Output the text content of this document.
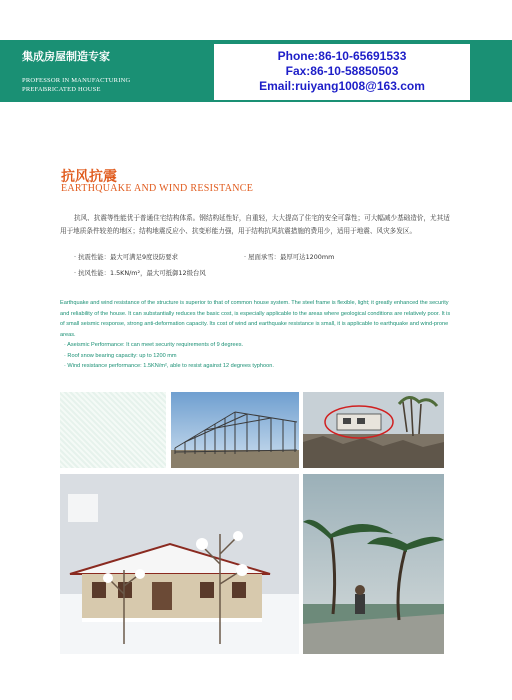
集成房屋制造专家
PROFESSOR IN MANUFACTURING
PREFABRICATED HOUSE
Phone:86-10-65691533
Fax:86-10-58850503
Email:ruiyang1008@163.com
抗风抗震
EARTHQUAKE AND WIND RESISTANCE
抗风、抗震等性能优于普通住宅结构体系。钢结构延性好，自重轻，大大提高了住宅的安全可靠性；可大幅减少基础造价，尤其适用于地质条件较差的地区；结构地震反应小、抗变形能力强，用于结构抗风抗震措施的费用少，适用于地震、风灾多发区。
· 抗震性能：最大可满足9度设防要求	· 屋面承雪：最厚可达1200mm
· 抗风性能：1.5KN/m²，最大可抵御12级台风
Earthquake and wind resistance of the structure is superior to that of common house system. The steel frame is flexible, light; it greatly enhanced the security and reliability of the house. It can substantially reduces the basic cost, is especially applicable to the areas where geological conditions are relatively poor. It is of small seismic response, strong anti-deformation capacity. Its cost of wind and earthquake resistance is small, it is applicable to earthquake and wind-prone areas.
· Aseismic Performance: It can meet security requirements of 9 degrees.
· Roof snow bearing capacity: up to 1200 mm
· Wind resistance performance: 1.5KN/m², able to resist against 12 degrees typhoon.
